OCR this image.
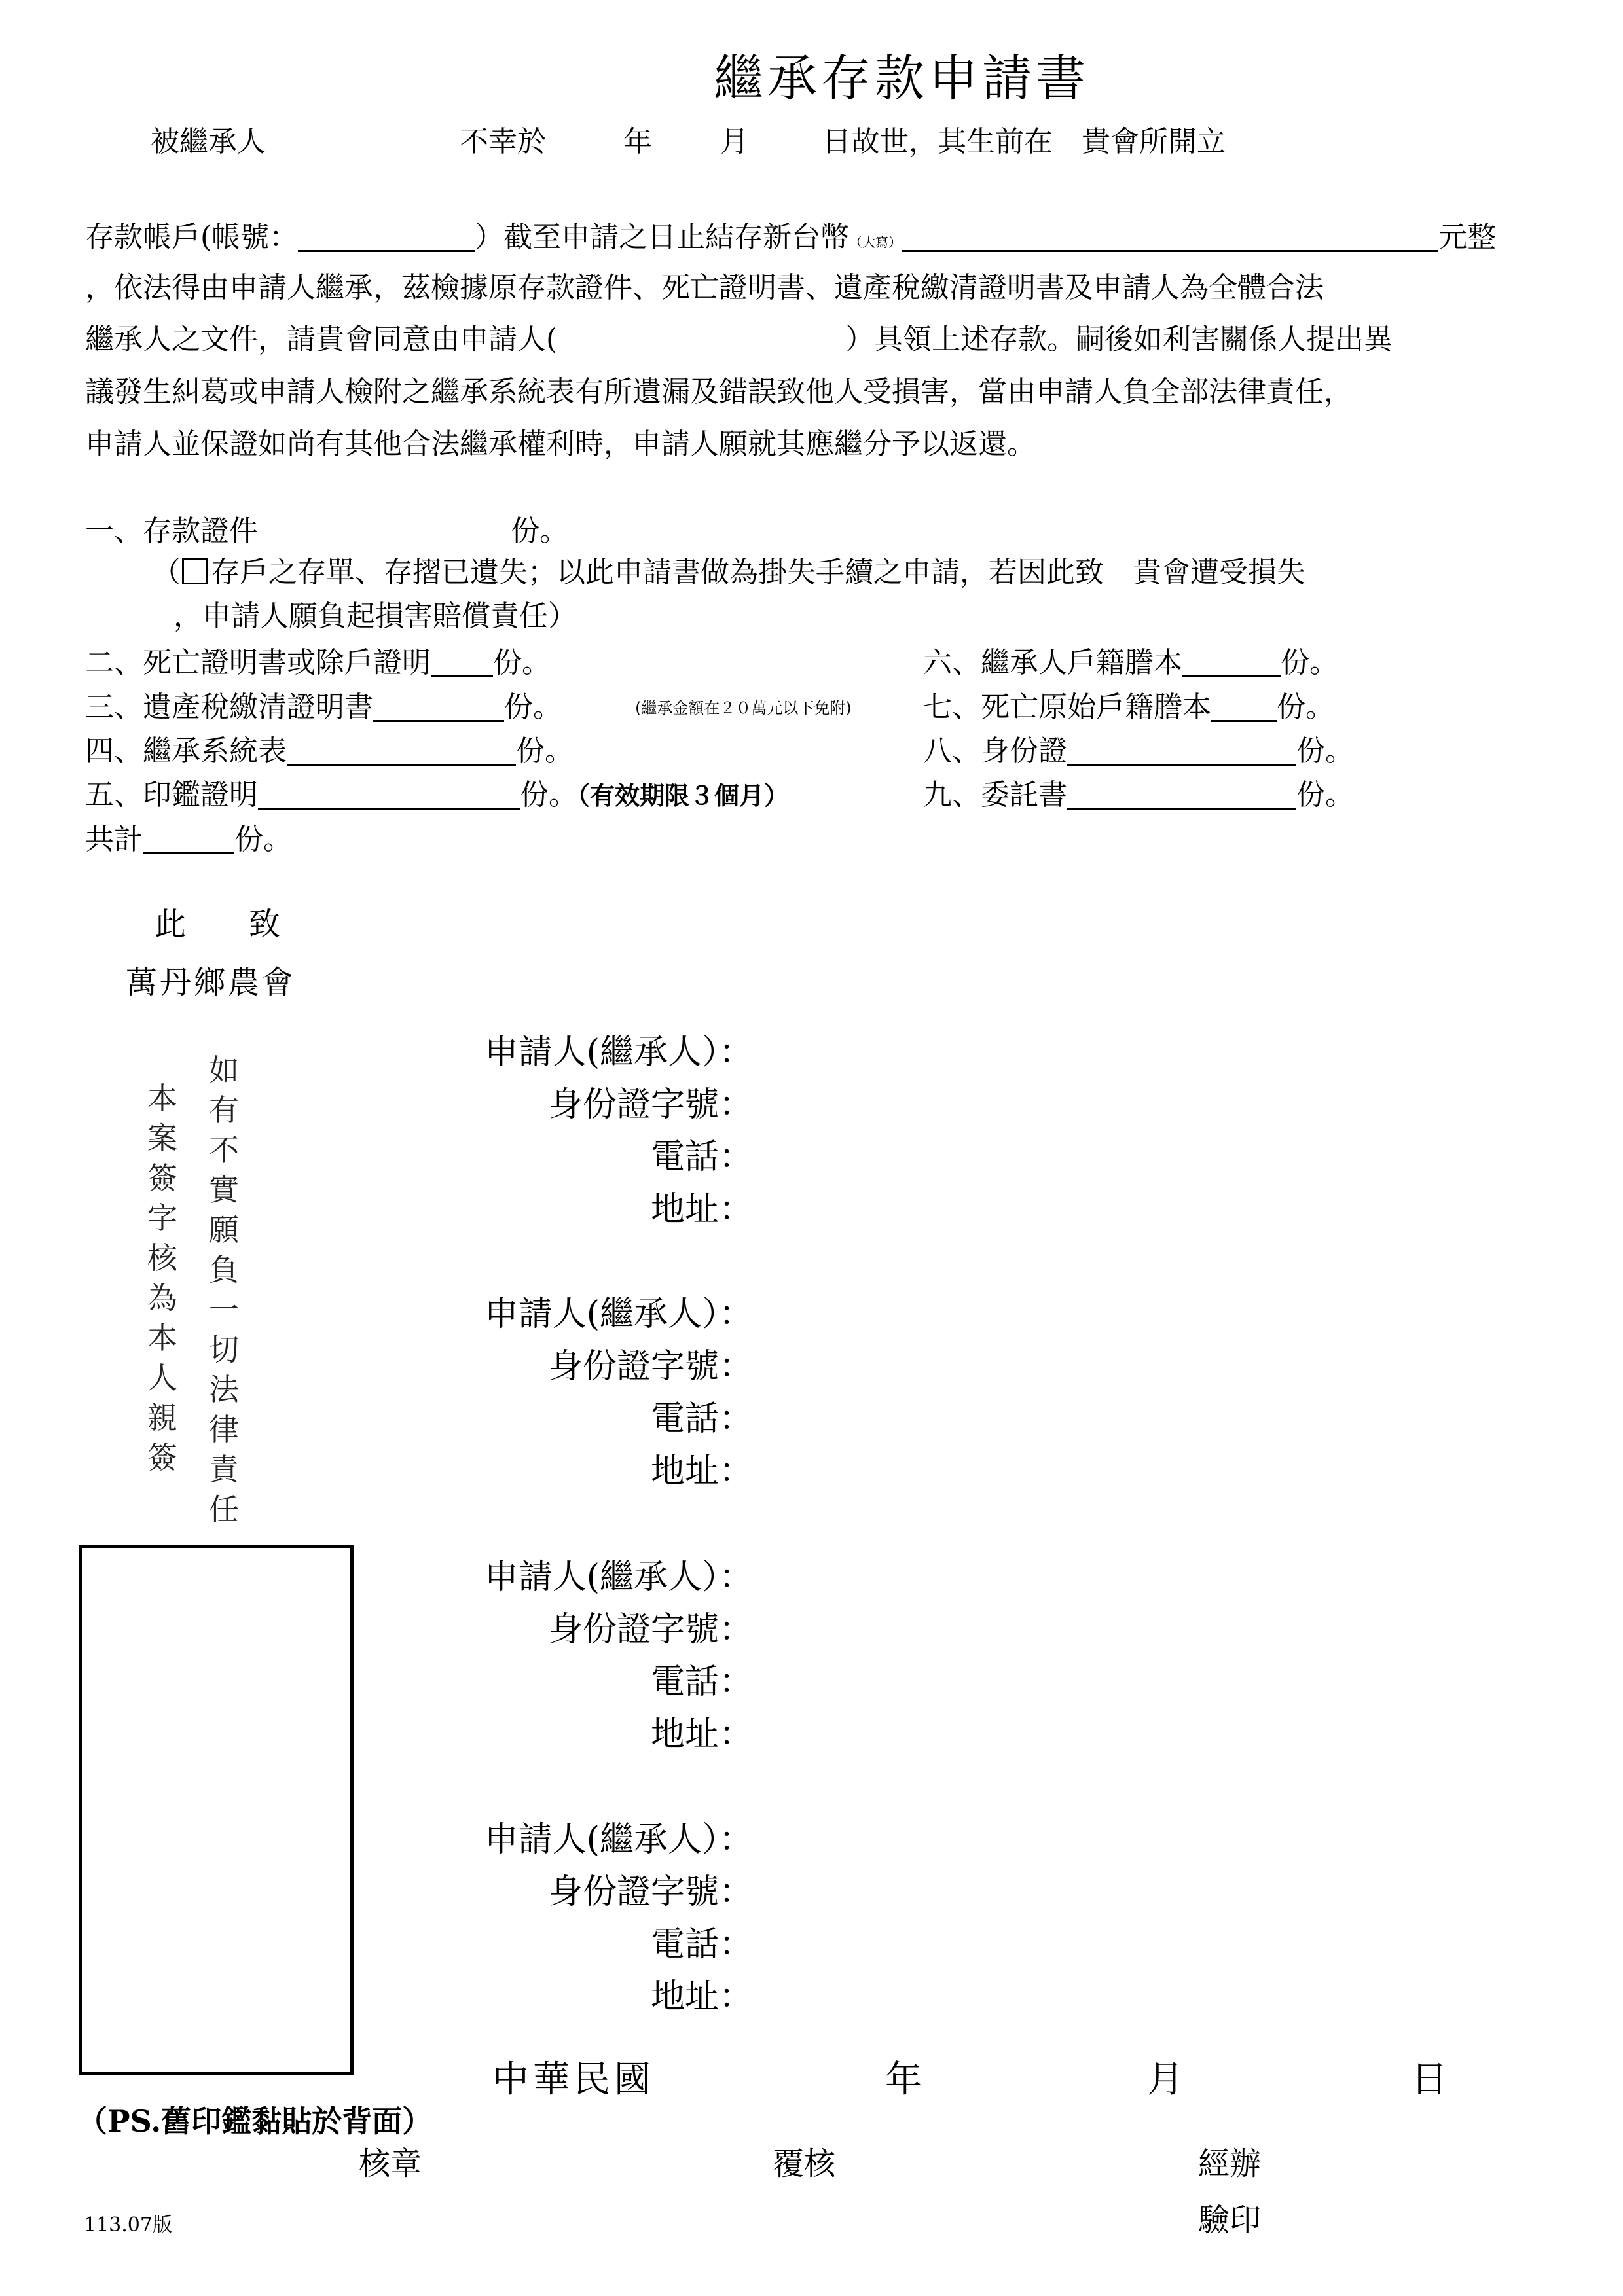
繼承存款申請書
被繼承人	不幸於	年 月	日故世，其生前在　貴會所開立
存款帳戶(帳號：	）截至申請之日止結存新台幣（大寫）	元整
，依法得由申請人繼承，茲檢據原存款證件、死亡證明書、遺產稅繳清證明書及申請人為全體合法
繼承人之文件，請貴會同意由申請人(	）具領上述存款。嗣後如利害關係人提出異
議發生糾葛或申請人檢附之繼承系統表有所遺漏及錯誤致他人受損害，當由申請人負全部法律責任，
申請人並保證如尚有其他合法繼承權利時，申請人願就其應繼分予以返還。
一、存款證件	份。
（ 存戶之存單、存摺已遺失；以此申請書做為掛失手續之申請，若因此致　貴會遭受損失
，申請人願負起損害賠償責任）
二、死亡證明書或除戶證明 份。
三、遺產稅繳清證明書	份。	(繼承金額在２０萬元以下免附)
四、繼承系統表	份。
五、印鑑證明	份。（有效期限３個月）
共計	份。
六、繼承人戶籍謄本	份。
七、死亡原始戶籍謄本 份。
八、身份證	份。
九、委託書	份。
此　　致
萬丹鄉農會
如
有
不
實
願
負
一
切
法
律
責
任
本
案
簽
字
核
為
本
人
親
簽
申請人(繼承人）：
身份證字號：
電話：
地址：
申請人(繼承人）：
身份證字號：
電話：
地址：
申請人(繼承人）：
身份證字號：
電話：
地址：
申請人(繼承人）：
身份證字號：
電話：
地址：
中華民國	年	月	日
（PS.舊印鑑黏貼於背面）
核章	覆核	經辦
驗印
113.07版
